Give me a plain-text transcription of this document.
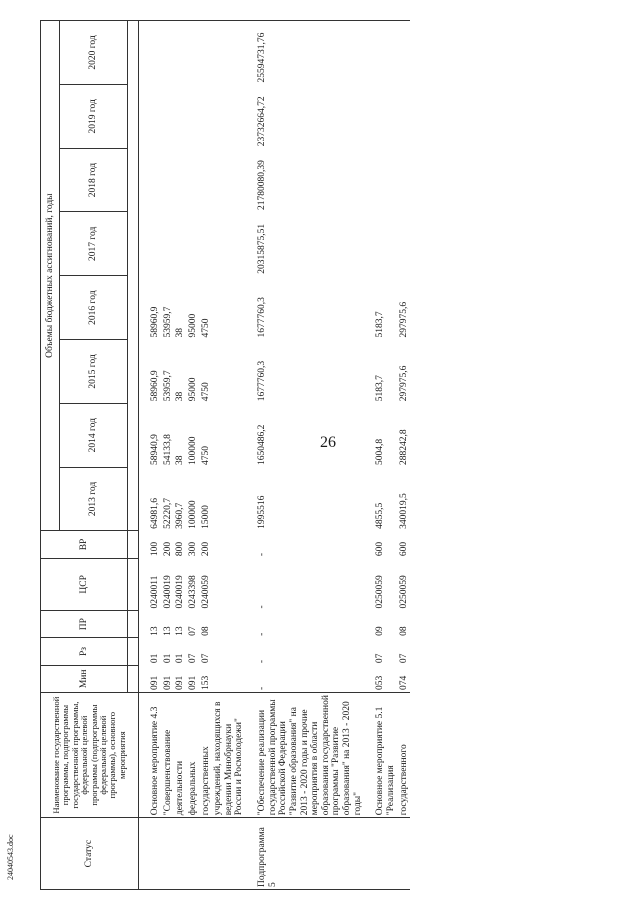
26
24040543.doc	Статус	Наименование государственной программы, подпрограммы государственной программы, федеральной целевой программы (подпрограммы федеральной целевой программы), основного мероприятия	Мин	Рз	ПР	ЦСР	ВР	Объемы бюджетных ассигнований, годы							
							2013 год	2014 год	2015 год	2016 год	2017 год	2018 год	2019 год	2020 год

	Основное мероприятие 4.3	091	01	13	0240011	100	64981,6	58940,9	58960,9	58960,9				
	"Совершенствование	091	01	13	0240019	200	52220,7	54133,8	53959,7	53959,7				
	деятельности	091	01	13	0240019	800	3960,7	38	38	38				
	федеральных	091	07	07	0243398	300	100000	100000	95000	95000				
	государственных	153	07	08	0240059	200	15000	4750	4750	4750				
	учреждений, находящихся в ведении Минобрнауки России и Росмолодежи"													

Подпрограмма 5	"Обеспечение реализации государственной программы Российской Федерации "Развитие образования" на 2013 - 2020 годы и прочие мероприятия в области образования государственной программы "Развитие образования" на 2013 - 2020 годы"	-	-	-	-	-	1995516	1650486,2	1677760,3	1677760,3	20315875,51	21780080,39	23732664,72	25594731,76

	Основное мероприятие 5.1 "Реализация	053	07	09	0250059	600	4855,5	5004,8	5183,7	5183,7				
	государственного	074	07	08	0250059	600	340019,5	288242,8	297975,6	297975,6				
